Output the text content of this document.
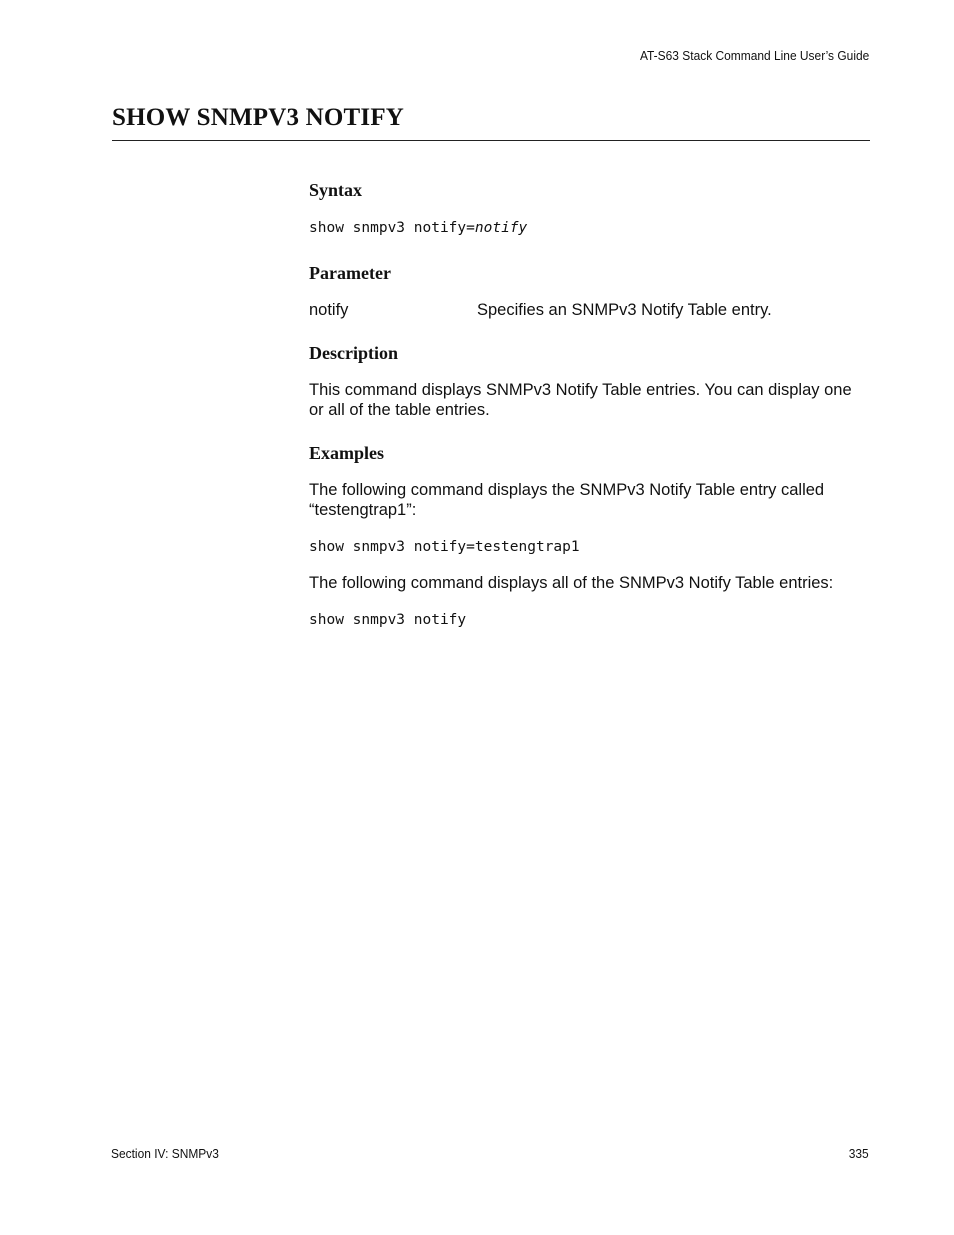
AT-S63 Stack Command Line User’s Guide
SHOW SNMPV3 NOTIFY
Syntax

show snmpv3 notify=notify

Parameter
notify	Specifies an SNMPv3 Notify Table entry.
Description

This command displays SNMPv3 Notify Table entries. You can display one or all of the table entries.

Examples

The following command displays the SNMPv3 Notify Table entry called “testengtrap1”:

show snmpv3 notify=testengtrap1

The following command displays all of the SNMPv3 Notify Table entries:

show snmpv3 notify

Section IV: SNMPv3	335
